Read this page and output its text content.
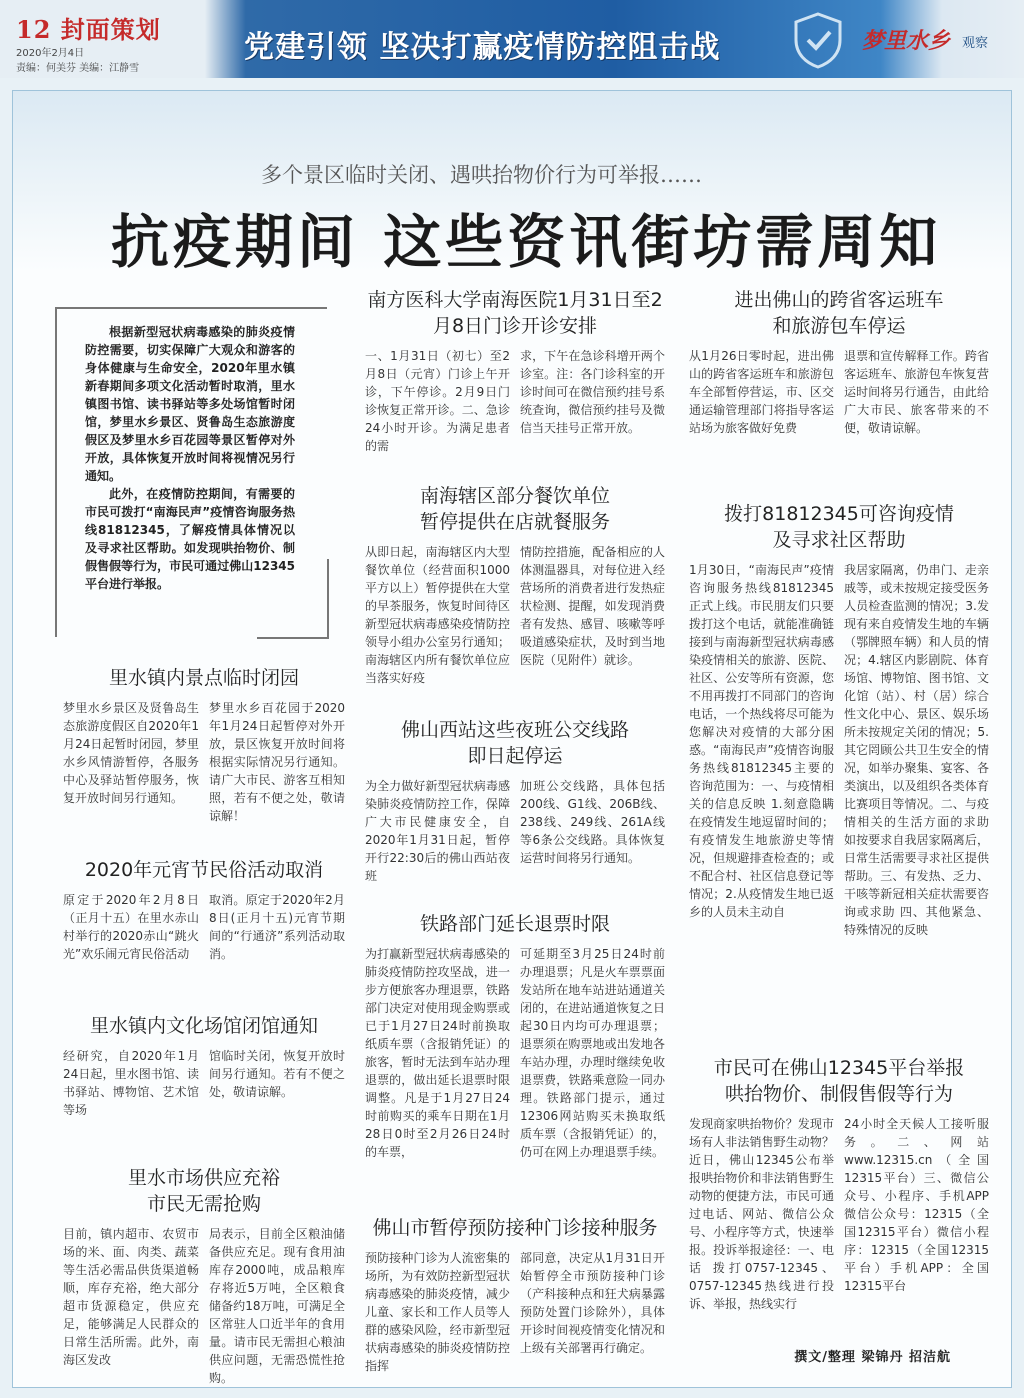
12 封面策划
2020年2月4日
责编：何美芬 美编：江静雪
党建引领 坚决打赢疫情防控阻击战	梦里水乡 观察
多个景区临时关闭、遇哄抬物价行为可举报……
抗疫期间 这些资讯街坊需周知

根据新型冠状病毒感染的肺炎疫情防控需要，切实保障广大观众和游客的身体健康与生命安全，2020年里水镇新春期间多项文化活动暂时取消，里水镇图书馆、读书驿站等多处场馆暂时闭馆，梦里水乡景区、贤鲁岛生态旅游度假区及梦里水乡百花园等景区暂停对外开放，具体恢复开放时间将视情况另行通知。

此外，在疫情防控期间，有需要的市民可拨打“南海民声”疫情咨询服务热线81812345，了解疫情具体情况以及寻求社区帮助。如发现哄抬物价、制假售假等行为，市民可通过佛山12345平台进行举报。

里水镇内景点临时闭园

梦里水乡景区及贤鲁岛生态旅游度假区自2020年1月24日起暂时闭园，梦里水乡风情游暂停，各服务中心及驿站暂停服务，恢复开放时间另行通知。

梦里水乡百花园于2020年1月24日起暂停对外开放，景区恢复开放时间将根据实际情况另行通知。请广大市民、游客互相知照，若有不便之处，敬请谅解！

2020年元宵节民俗活动取消

原定于2020年2月8日（正月十五）在里水赤山村举行的2020赤山“跳火光”欢乐闹元宵民俗活动

取消。原定于2020年2月8日(正月十五)元宵节期间的“行通济”系列活动取消。

里水镇内文化场馆闭馆通知

经研究，自2020年1月24日起，里水图书馆、读书驿站、博物馆、艺术馆等场

馆临时关闭，恢复开放时间另行通知。若有不便之处，敬请谅解。

里水市场供应充裕
市民无需抢购

目前，镇内超市、农贸市场的米、面、肉类、蔬菜等生活必需品供货渠道畅顺，库存充裕，绝大部分超市货源稳定，供应充足，能够满足人民群众的日常生活所需。此外，南海区发改

局表示，目前全区粮油储备供应充足。现有食用油库存2000吨，成品粮库存将近5万吨，全区粮食储备约18万吨，可满足全区常驻人口近半年的食用量。请市民无需担心粮油供应问题，无需恐慌性抢购。

南方医科大学南海医院1月31日至2月8日门诊开诊安排

一、1月31日（初七）至2月8日（元宵）门诊上午开诊，下午停诊。2月9日门诊恢复正常开诊。二、急诊24小时开诊。为满足患者的需

求，下午在急诊科增开两个诊室。注：各门诊科室的开诊时间可在微信预约挂号系统查询，微信预约挂号及微信当天挂号正常开放。

南海辖区部分餐饮单位
暂停提供在店就餐服务

从即日起，南海辖区内大型餐饮单位（经营面积1000平方以上）暂停提供在大堂的早茶服务，恢复时间待区新型冠状病毒感染疫情防控领导小组办公室另行通知；南海辖区内所有餐饮单位应当落实好疫

情防控措施，配备相应的人体测温器具，对每位进入经营场所的消费者进行发热症状检测、提醒，如发现消费者有发热、感冒、咳嗽等呼吸道感染症状，及时到当地医院（见附件）就诊。

佛山西站这些夜班公交线路
即日起停运

为全力做好新型冠状病毒感染肺炎疫情防控工作，保障广大市民健康安全，自2020年1月31日起，暂停开行22:30后的佛山西站夜班

加班公交线路，具体包括200线、G1线、206B线、238线、249线、261A线等6条公交线路。具体恢复运营时间将另行通知。

铁路部门延长退票时限

为打赢新型冠状病毒感染的肺炎疫情防控攻坚战，进一步方便旅客办理退票，铁路部门决定对使用现金购票或已于1月27日24时前换取纸质车票（含报销凭证）的旅客，暂时无法到车站办理退票的，做出延长退票时限调整。凡是于1月27日24时前购买的乘车日期在1月28日0时至2月26日24时的车票，

可延期至3月25日24时前办理退票；凡是火车票票面发站所在地车站进站通道关闭的，在进站通道恢复之日起30日内均可办理退票；退票须在购票地或出发地各车站办理，办理时继续免收退票费，铁路乘意险一同办理。铁路部门提示，通过12306网站购买未换取纸质车票（含报销凭证）的，仍可在网上办理退票手续。

佛山市暂停预防接种门诊接种服务

预防接种门诊为人流密集的场所，为有效防控新型冠状病毒感染的肺炎疫情，减少儿童、家长和工作人员等人群的感染风险，经市新型冠状病毒感染的肺炎疫情防控指挥

部同意，决定从1月31日开始暂停全市预防接种门诊（产科接种点和狂犬病暴露预防处置门诊除外），具体开诊时间视疫情变化情况和上级有关部署再行确定。

进出佛山的跨省客运班车
和旅游包车停运

从1月26日零时起，进出佛山的跨省客运班车和旅游包车全部暂停营运，市、区交通运输管理部门将指导客运站场为旅客做好免费

退票和宣传解释工作。跨省客运班车、旅游包车恢复营运时间将另行通告，由此给广大市民、旅客带来的不便，敬请谅解。

拨打81812345可咨询疫情
及寻求社区帮助

1月30日，“南海民声”疫情咨询服务热线81812345正式上线。市民朋友们只要拨打这个电话，就能准确链接到与南海新型冠状病毒感染疫情相关的旅游、医院、社区、公安等所有资源，您不用再拨打不同部门的咨询电话，一个热线将尽可能为您解决对疫情的大部分困惑。“南海民声”疫情咨询服务热线81812345主要的咨询范围为：一、与疫情相关的信息反映 1.刻意隐瞒在疫情发生地逗留时间的；有疫情发生地旅游史等情况，但规避排查检查的；或不配合村、社区信息登记等情况；2.从疫情发生地已返乡的人员未主动自

我居家隔离，仍串门、走亲戚等，或未按规定接受医务人员检查监测的情况；3.发现有来自疫情发生地的车辆（鄂牌照车辆）和人员的情况；4.辖区内影剧院、体育场馆、博物馆、图书馆、文化馆（站）、村（居）综合性文化中心、景区、娱乐场所未按规定关闭的情况；5.其它罔顾公共卫生安全的情况，如举办聚集、宴客、各类演出，以及组织各类体育比赛项目等情况。二、与疫情相关的生活方面的求助 如按要求自我居家隔离后，日常生活需要寻求社区提供帮助。三、有发热、乏力、干咳等新冠相关症状需要咨询或求助 四、其他紧急、特殊情况的反映

市民可在佛山12345平台举报
哄抬物价、制假售假等行为

发现商家哄抬物价？发现市场有人非法销售野生动物？近日，佛山12345公布举报哄抬物价和非法销售野生动物的便捷方法，市民可通过电话、网站、微信公众号、小程序等方式，快速举报。投诉举报途径：一、电话 拨打0757-12345、0757-12345热线进行投诉、举报，热线实行

24小时全天候人工接听服务。二、网站 www.12315.cn（全国12315平台）三、微信公众号、小程序、手机APP 微信公众号：12315（全国12315平台）微信小程序：12315（全国12315平台）手机APP：全国12315平台

撰文/整理 梁锦丹 招洁航
